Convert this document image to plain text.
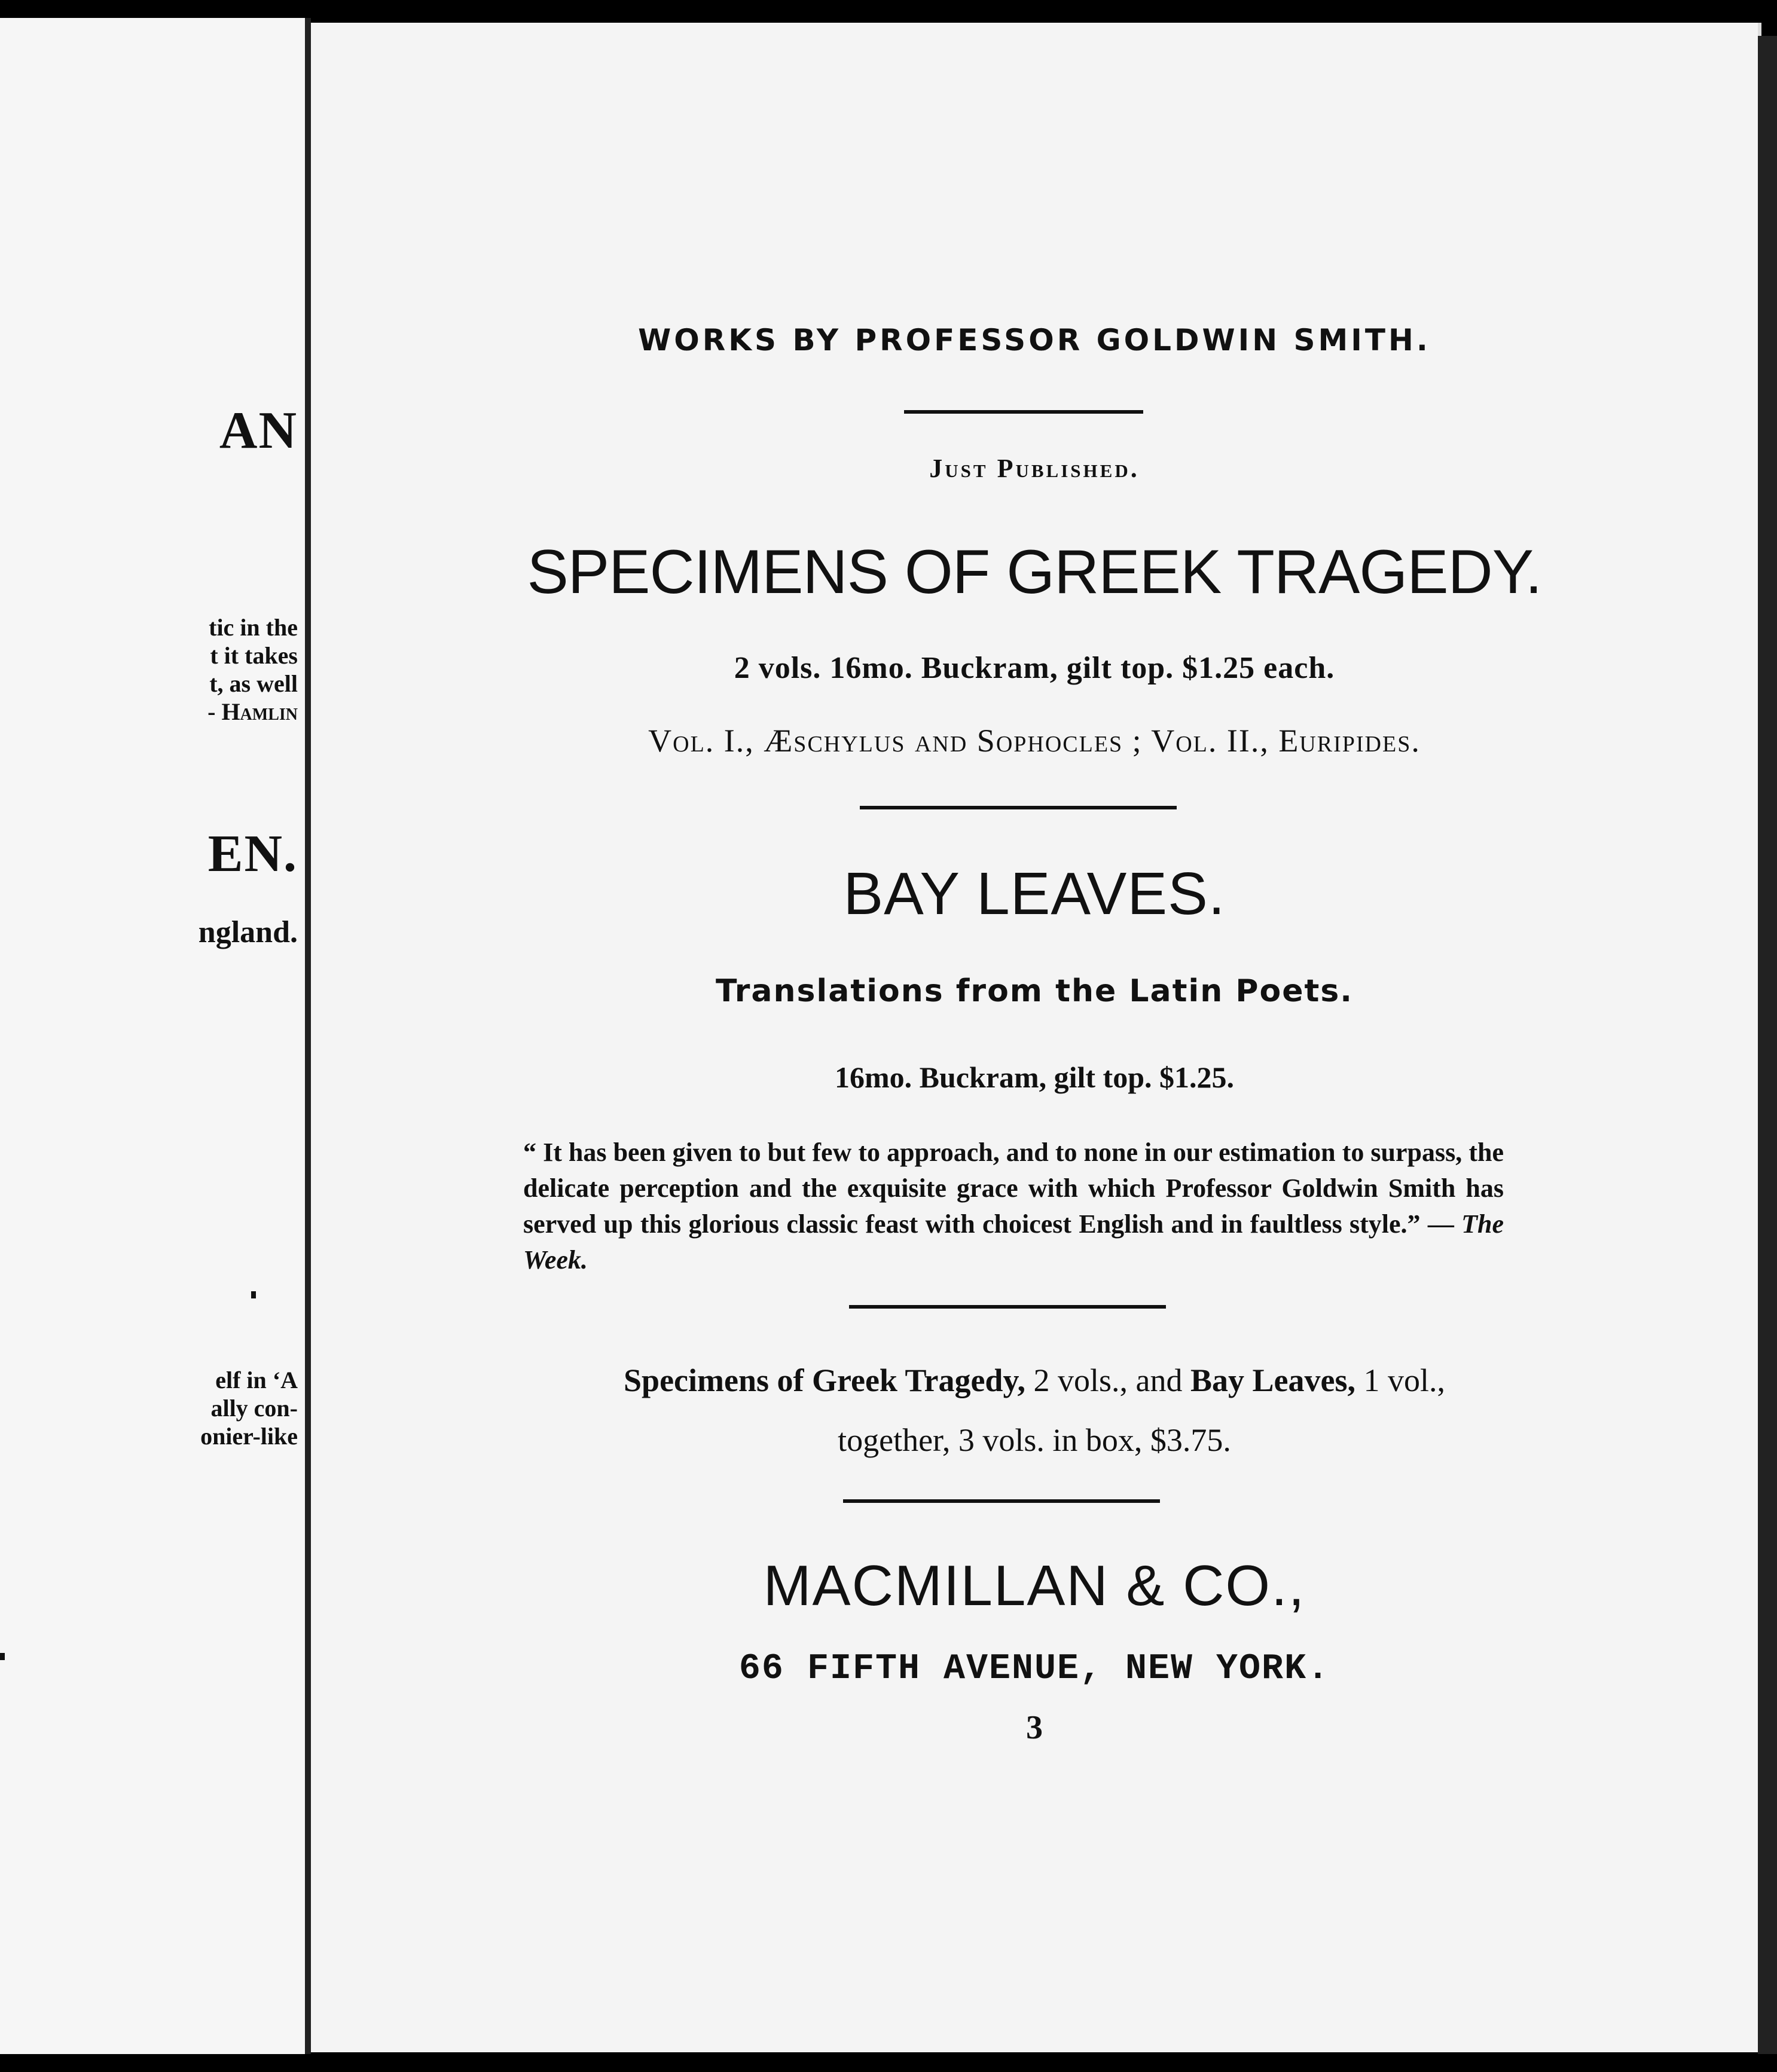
AN
tic in the
t it takes
t, as well
- Hamlin
EN.
ngland.
elf in ‘A
ally con-
onier-like
WORKS BY PROFESSOR GOLDWIN SMITH.
Just Published.
SPECIMENS OF GREEK TRAGEDY.
2 vols. 16mo. Buckram, gilt top. $1.25 each.
Vol. I., Æschylus and Sophocles ; Vol. II., Euripides.
BAY LEAVES.
Translations from the Latin Poets.
16mo. Buckram, gilt top. $1.25.
“ It has been given to but few to approach, and to none in our estimation to surpass, the delicate perception and the exquisite grace with which Professor Goldwin Smith has served up this glorious classic feast with choicest English and in faultless style.” — The Week.
Specimens of Greek Tragedy, 2 vols., and Bay Leaves, 1 vol.,
together, 3 vols. in box, $3.75.
MACMILLAN & CO.,
66 FIFTH AVENUE, NEW YORK.
3
